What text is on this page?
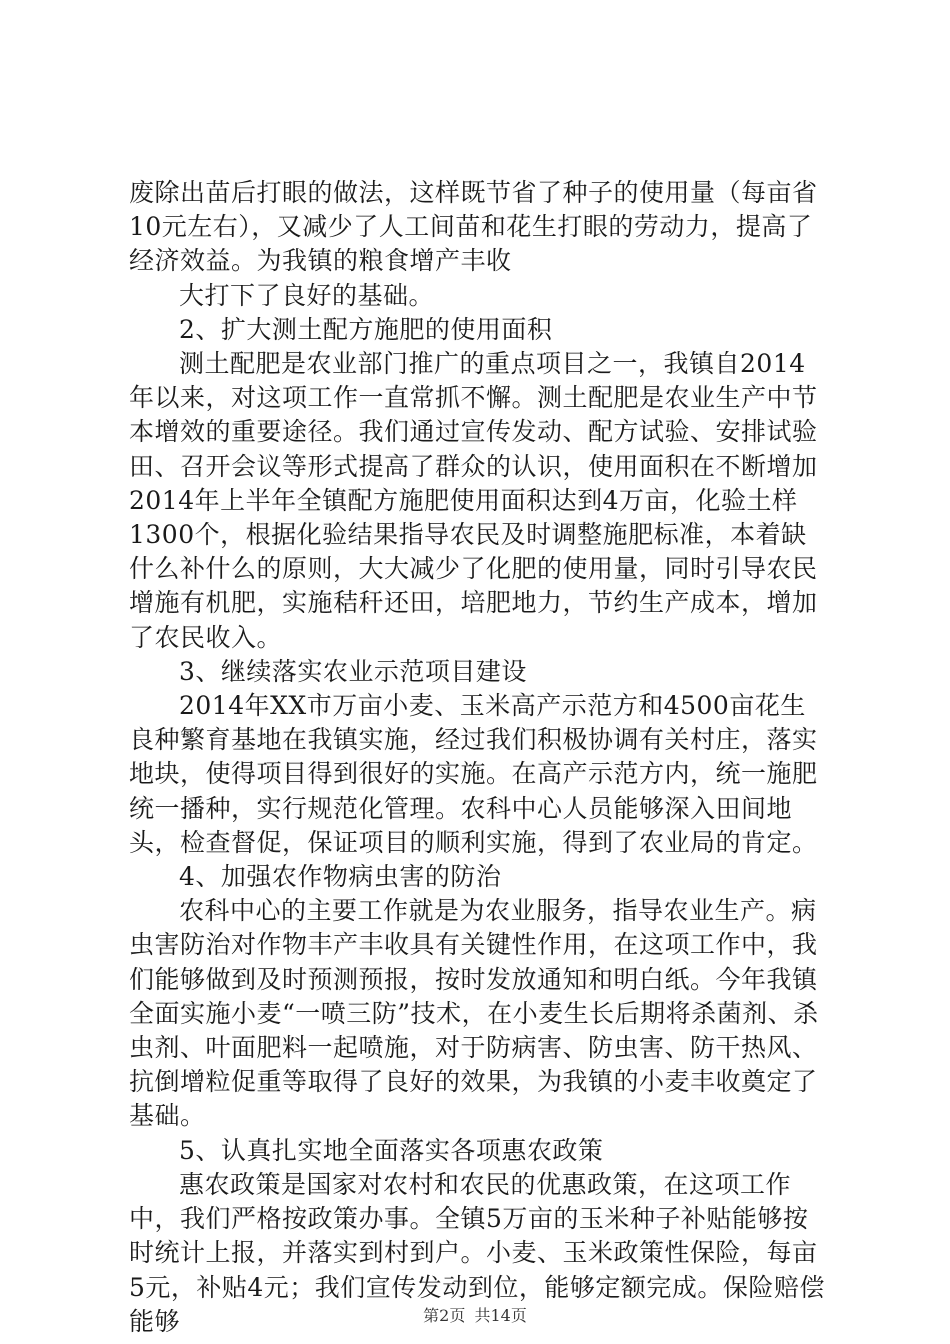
废除出苗后打眼的做法，这样既节省了种子的使用量（每亩省10元左右），又减少了人工间苗和花生打眼的劳动力，提高了经济效益。为我镇的粮食增产丰收

大打下了良好的基础。

2、扩大测土配方施肥的使用面积

测土配肥是农业部门推广的重点项目之一，我镇自2014年以来，对这项工作一直常抓不懈。测土配肥是农业生产中节本增效的重要途径。我们通过宣传发动、配方试验、安排试验田、召开会议等形式提高了群众的认识，使用面积在不断增加2014年上半年全镇配方施肥使用面积达到4万亩，化验土样1300个，根据化验结果指导农民及时调整施肥标准，本着缺什么补什么的原则，大大减少了化肥的使用量，同时引导农民增施有机肥，实施秸秆还田，培肥地力，节约生产成本，增加了农民收入。

3、继续落实农业示范项目建设

2014年XX市万亩小麦、玉米高产示范方和4500亩花生良种繁育基地在我镇实施，经过我们积极协调有关村庄，落实地块，使得项目得到很好的实施。在高产示范方内，统一施肥统一播种，实行规范化管理。农科中心人员能够深入田间地头，检查督促，保证项目的顺利实施，得到了农业局的肯定。

4、加强农作物病虫害的防治

农科中心的主要工作就是为农业服务，指导农业生产。病虫害防治对作物丰产丰收具有关键性作用，在这项工作中，我们能够做到及时预测预报，按时发放通知和明白纸。今年我镇全面实施小麦“一喷三防”技术，在小麦生长后期将杀菌剂、杀虫剂、叶面肥料一起喷施，对于防病害、防虫害、防干热风、抗倒增粒促重等取得了良好的效果，为我镇的小麦丰收奠定了基础。

5、认真扎实地全面落实各项惠农政策

惠农政策是国家对农村和农民的优惠政策，在这项工作中，我们严格按政策办事。全镇5万亩的玉米种子补贴能够按时统计上报，并落实到村到户。小麦、玉米政策性保险，每亩5元，补贴4元；我们宣传发动到位，能够定额完成。保险赔偿能够	第2页 共14页
